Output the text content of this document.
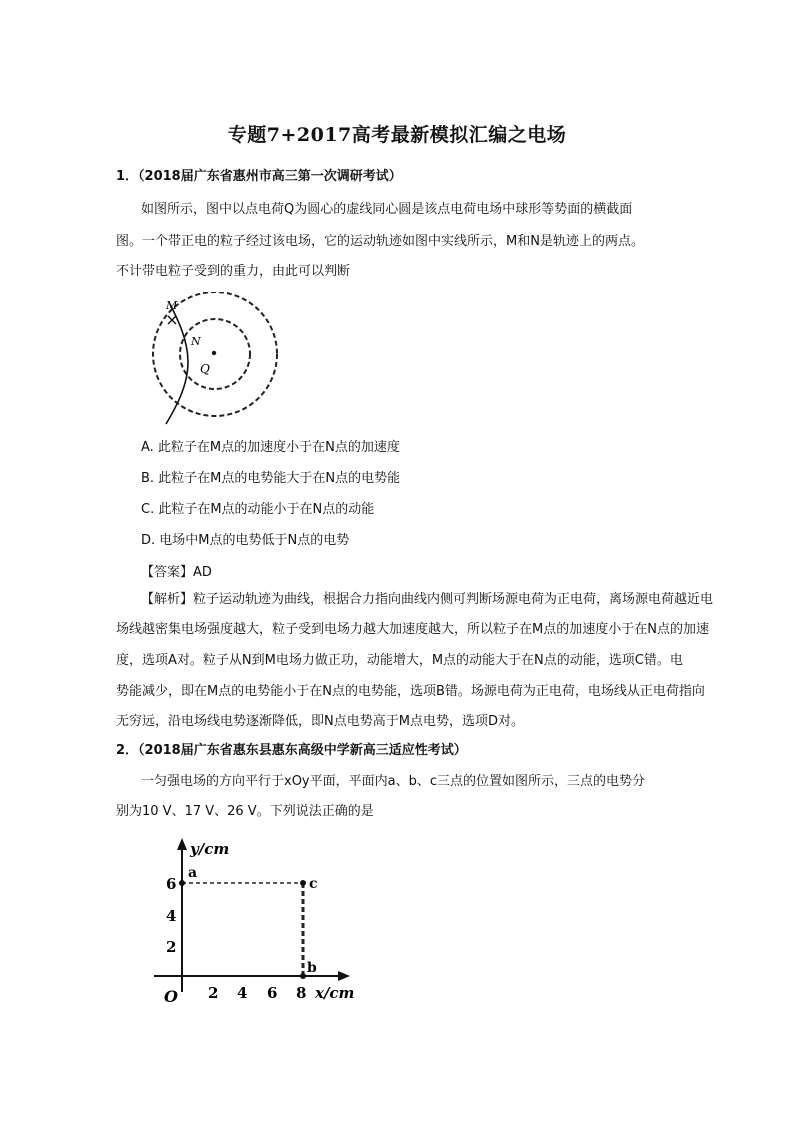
专题7+2017高考最新模拟汇编之电场
1．（2018届广东省惠州市高三第一次调研考试）
如图所示，图中以点电荷Q为圆心的虚线同心圆是该点电荷电场中球形等势面的横截面
图。一个带正电的粒子经过该电场，它的运动轨迹如图中实线所示，M和N是轨迹上的两点。
不计带电粒子受到的重力，由此可以判断
M
N
Q
A. 此粒子在M点的加速度小于在N点的加速度
B. 此粒子在M点的电势能大于在N点的电势能
C. 此粒子在M点的动能小于在N点的动能
D. 电场中M点的电势低于N点的电势
【答案】AD
【解析】粒子运动轨迹为曲线，根据合力指向曲线内侧可判断场源电荷为正电荷，离场源电荷越近电
场线越密集电场强度越大，粒子受到电场力越大加速度越大，所以粒子在M点的加速度小于在N点的加速
度，选项A对。粒子从N到M电场力做正功，动能增大，M点的动能大于在N点的动能，选项C错。电
势能减少，即在M点的电势能小于在N点的电势能，选项B错。场源电荷为正电荷，电场线从正电荷指向
无穷远，沿电场线电势逐渐降低，即N点电势高于M点电势，选项D对。
2．（2018届广东省惠东县惠东高级中学新高三适应性考试）
一匀强电场的方向平行于xOy平面，平面内a、b、c三点的位置如图所示，三点的电势分
别为10 V、17 V、26 V。下列说法正确的是
y/cm
x/cm
O
6
4
2
2 4 6 8
a
c
b
